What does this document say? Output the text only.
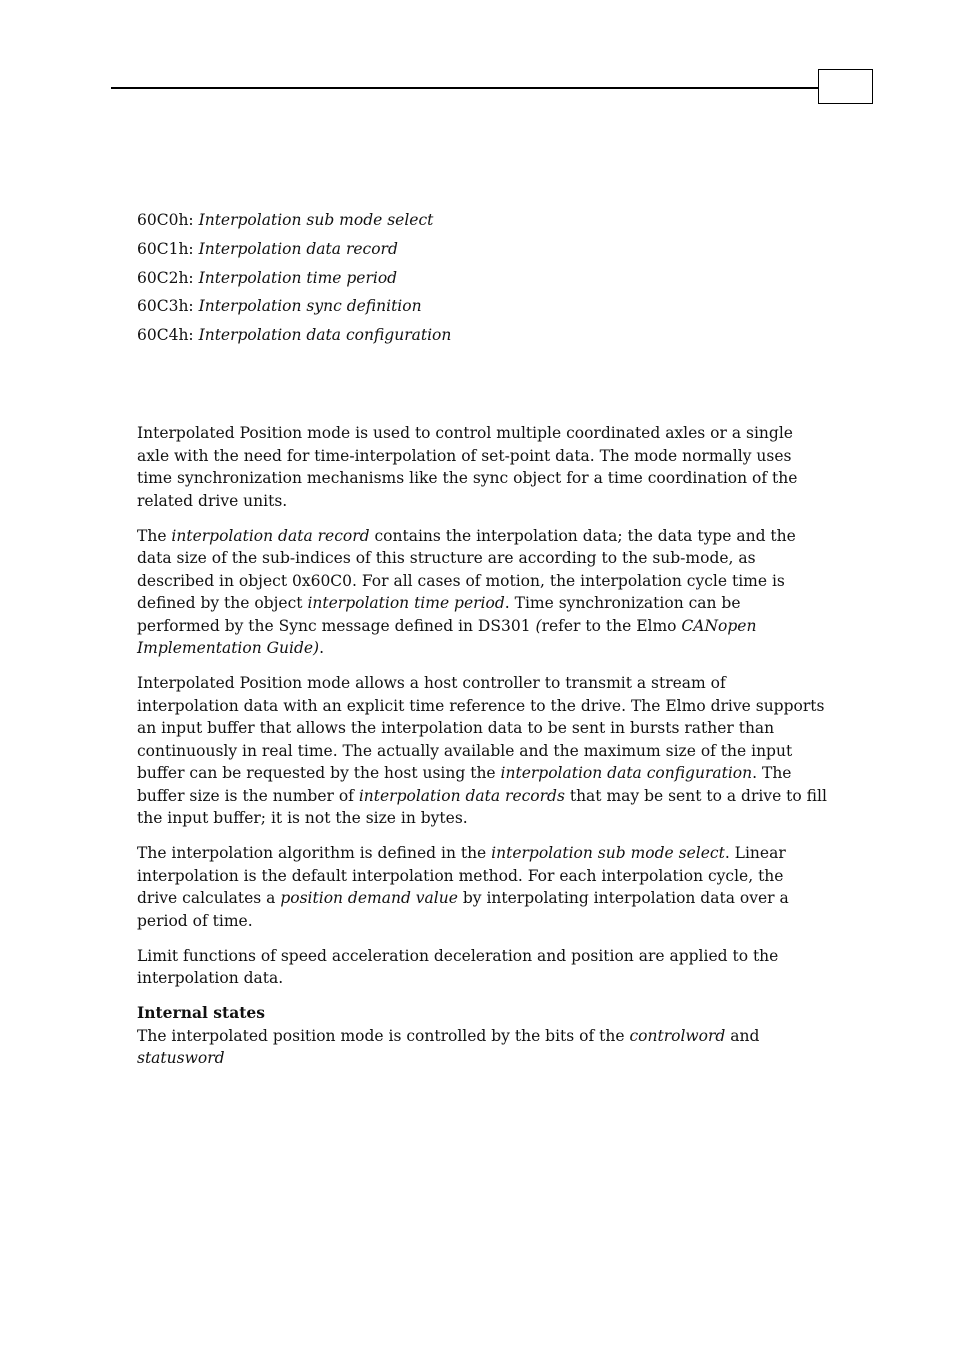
60C0h: Interpolation sub mode select
60C1h: Interpolation data record
60C2h: Interpolation time period
60C3h: Interpolation sync definition
60C4h: Interpolation data configuration

Interpolated Position mode is used to control multiple coordinated axles or a single axle with the need for time-interpolation of set-point data. The mode normally uses time synchronization mechanisms like the sync object for a time coordination of the related drive units.

The interpolation data record contains the interpolation data; the data type and the data size of the sub-indices of this structure are according to the sub-mode, as described in object 0x60C0. For all cases of motion, the interpolation cycle time is defined by the object interpolation time period. Time synchronization can be performed by the Sync message defined in DS301 (refer to the Elmo CANopen Implementation Guide).

Interpolated Position mode allows a host controller to transmit a stream of interpolation data with an explicit time reference to the drive. The Elmo drive supports an input buffer that allows the interpolation data to be sent in bursts rather than continuously in real time. The actually available and the maximum size of the input buffer can be requested by the host using the interpolation data configuration. The buffer size is the number of interpolation data records that may be sent to a drive to fill the input buffer; it is not the size in bytes.

The interpolation algorithm is defined in the interpolation sub mode select. Linear interpolation is the default interpolation method. For each interpolation cycle, the drive calculates a position demand value by interpolating interpolation data over a period of time.

Limit functions of speed acceleration deceleration and position are applied to the interpolation data.

Internal states

The interpolated position mode is controlled by the bits of the controlword and statusword
